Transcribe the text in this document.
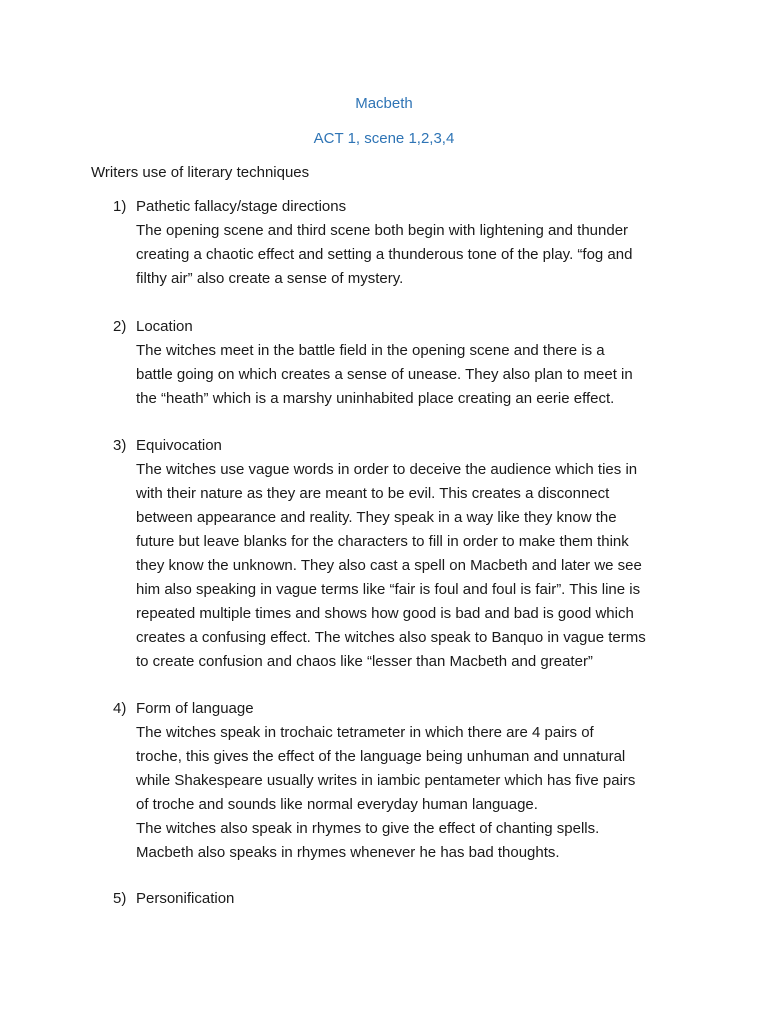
Macbeth
ACT 1, scene 1,2,3,4
Writers use of literary techniques
1) Pathetic fallacy/stage directions

The opening scene and third scene both begin with lightening and thunder
creating a chaotic effect and setting a thunderous tone of the play. “fog and
filthy air” also create a sense of mystery.

2) Location

The witches meet in the battle field in the opening scene and there is a
battle going on which creates a sense of unease. They also plan to meet in
the “heath” which is a marshy uninhabited place creating an eerie effect.

3) Equivocation

The witches use vague words in order to deceive the audience which ties in
with their nature as they are meant to be evil. This creates a disconnect
between appearance and reality. They speak in a way like they know the
future but leave blanks for the characters to fill in order to make them think
they know the unknown. They also cast a spell on Macbeth and later we see
him also speaking in vague terms like “fair is foul and foul is fair”. This line is
repeated multiple times and shows how good is bad and bad is good which
creates a confusing effect. The witches also speak to Banquo in vague terms
to create confusion and chaos like “lesser than Macbeth and greater”

4) Form of language

The witches speak in trochaic tetrameter in which there are 4 pairs of
troche, this gives the effect of the language being unhuman and unnatural
while Shakespeare usually writes in iambic pentameter which has five pairs
of troche and sounds like normal everyday human language.
The witches also speak in rhymes to give the effect of chanting spells.
Macbeth also speaks in rhymes whenever he has bad thoughts.

5) Personification
